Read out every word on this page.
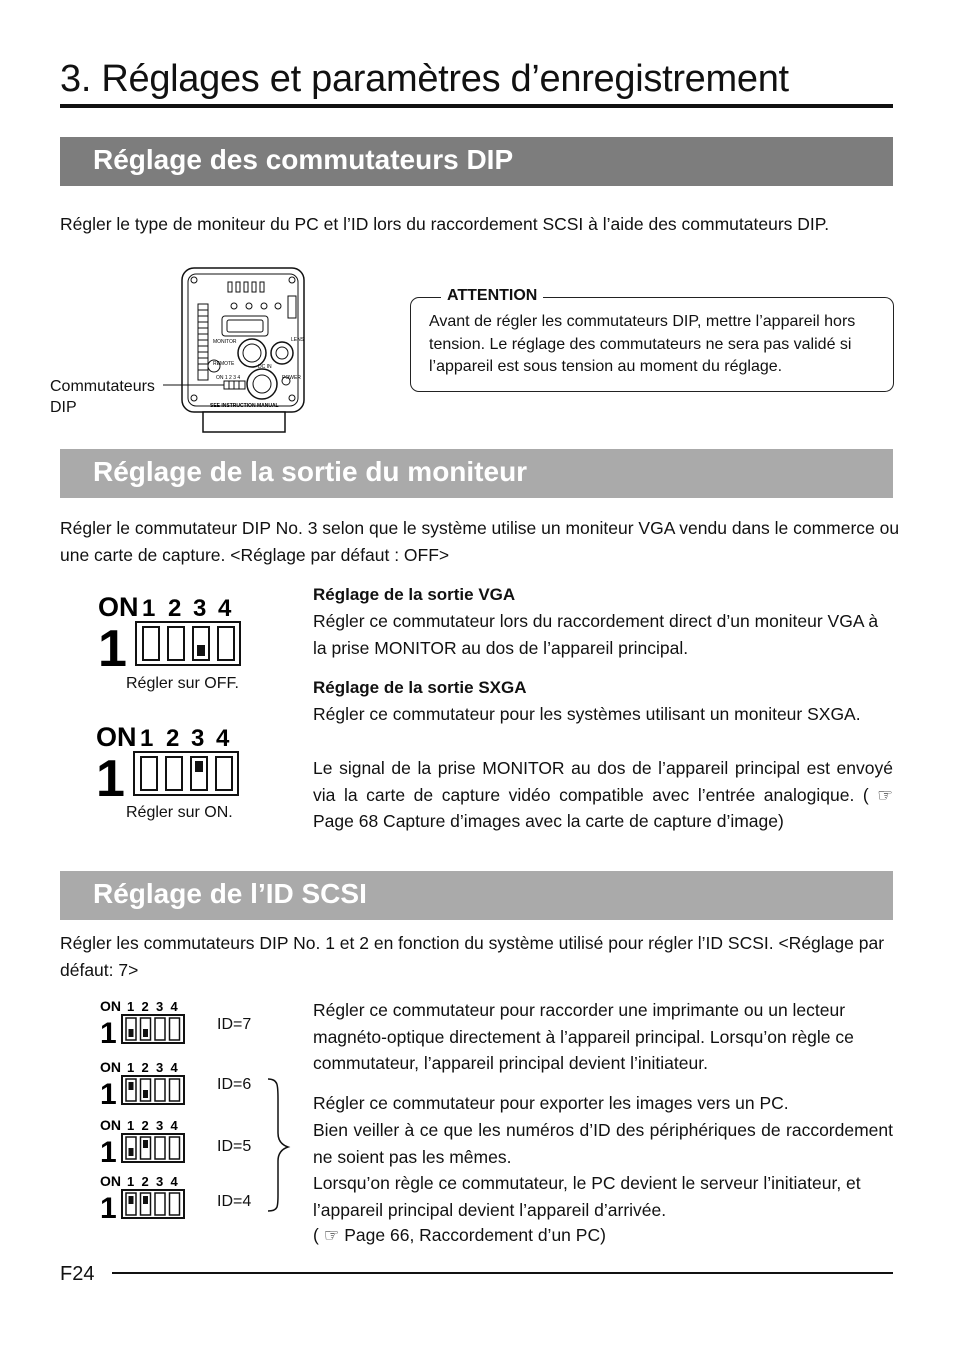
3. Réglages et paramètres d’enregistrement
Réglage des commutateurs DIP
Régler le type de moniteur du PC et l’ID lors du raccordement SCSI à l’aide des commutateurs DIP.
MONITOR
REMOTE	DC IN
LENS
POWER
ON 1 2 3 4
SEE INSTRUCTION MANUAL
Commutateurs
DIP
ATTENTION
Avant de régler les commutateurs DIP, mettre l’appareil hors tension. Le réglage des commutateurs ne sera pas validé si l’appareil est sous tension au moment du réglage.
Réglage de la sortie du moniteur
Régler le commutateur DIP No. 3 selon que le système utilise un moniteur VGA vendu dans le commerce ou une carte de capture. <Réglage par défaut : OFF>
ON 1 2 3 4
1
Régler sur OFF.
ON 1 2 3 4
1
Régler sur ON.
Réglage de la sortie VGA
Régler ce commutateur lors du raccordement direct d’un moniteur VGA à la prise MONITOR au dos de l’appareil principal.
Réglage de la sortie SXGA
Régler ce commutateur pour les systèmes utilisant un moniteur SXGA.
Le signal de la prise MONITOR au dos de l’appareil principal est envoyé via la carte de capture vidéo compatible avec l’entrée analogique. ( ☞ Page 68 Capture d’images avec la carte de capture d’image)
Réglage de l’ID SCSI
Régler les commutateurs DIP No. 1 et 2 en fonction du système utilisé pour régler l’ID SCSI. <Réglage par défaut: 7>
ON 1 2 3 4
1
ON 1 2 3 4
1
ON 1 2 3 4
1
ON 1 2 3 4
1
ID=7
ID=6
ID=5
ID=4
Régler ce commutateur pour raccorder une imprimante ou un lecteur magnéto-optique directement à l’appareil principal. Lorsqu’on règle ce commutateur, l’appareil principal devient l’initiateur.
Régler ce commutateur pour exporter les images vers un PC.
Bien veiller à ce que les numéros d’ID des périphériques de raccordement ne soient pas les mêmes.
Lorsqu’on règle ce commutateur, le PC devient le serveur l’initiateur, et l’appareil principal devient l’appareil d’arrivée.
( ☞ Page 66, Raccordement d’un PC)
F24
